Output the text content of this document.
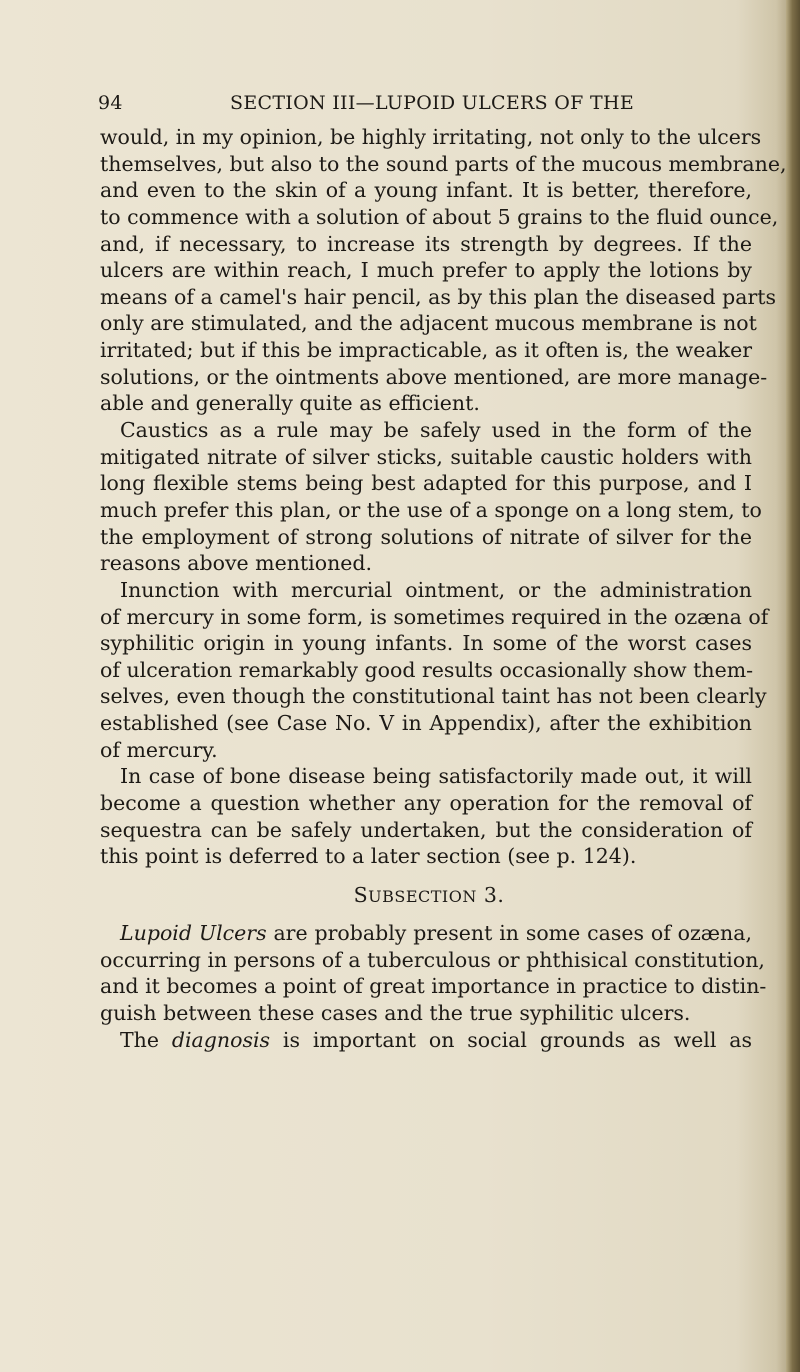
94	SECTION III—LUPOID ULCERS OF THE
would, in my opinion, be highly irritating, not only to the ulcers
themselves, but also to the sound parts of the mucous membrane,
and even to the skin of a young infant. It is better, therefore,
to commence with a solution of about 5 grains to the fluid ounce,
and, if necessary, to increase its strength by degrees. If the
ulcers are within reach, I much prefer to apply the lotions by
means of a camel's hair pencil, as by this plan the diseased parts
only are stimulated, and the adjacent mucous membrane is not
irritated; but if this be impracticable, as it often is, the weaker
solutions, or the ointments above mentioned, are more manage-
able and generally quite as efficient.
Caustics as a rule may be safely used in the form of the
mitigated nitrate of silver sticks, suitable caustic holders with
long flexible stems being best adapted for this purpose, and I
much prefer this plan, or the use of a sponge on a long stem, to
the employment of strong solutions of nitrate of silver for the
reasons above mentioned.
Inunction with mercurial ointment, or the administration
of mercury in some form, is sometimes required in the ozæna of
syphilitic origin in young infants. In some of the worst cases
of ulceration remarkably good results occasionally show them-
selves, even though the constitutional taint has not been clearly
established (see Case No. V in Appendix), after the exhibition
of mercury.
In case of bone disease being satisfactorily made out, it will
become a question whether any operation for the removal of
sequestra can be safely undertaken, but the consideration of
this point is deferred to a later section (see p. 124).
SUBSECTION 3.
Lupoid Ulcers are probably present in some cases of ozæna,
occurring in persons of a tuberculous or phthisical constitution,
and it becomes a point of great importance in practice to distin-
guish between these cases and the true syphilitic ulcers.
The diagnosis is important on social grounds as well as
